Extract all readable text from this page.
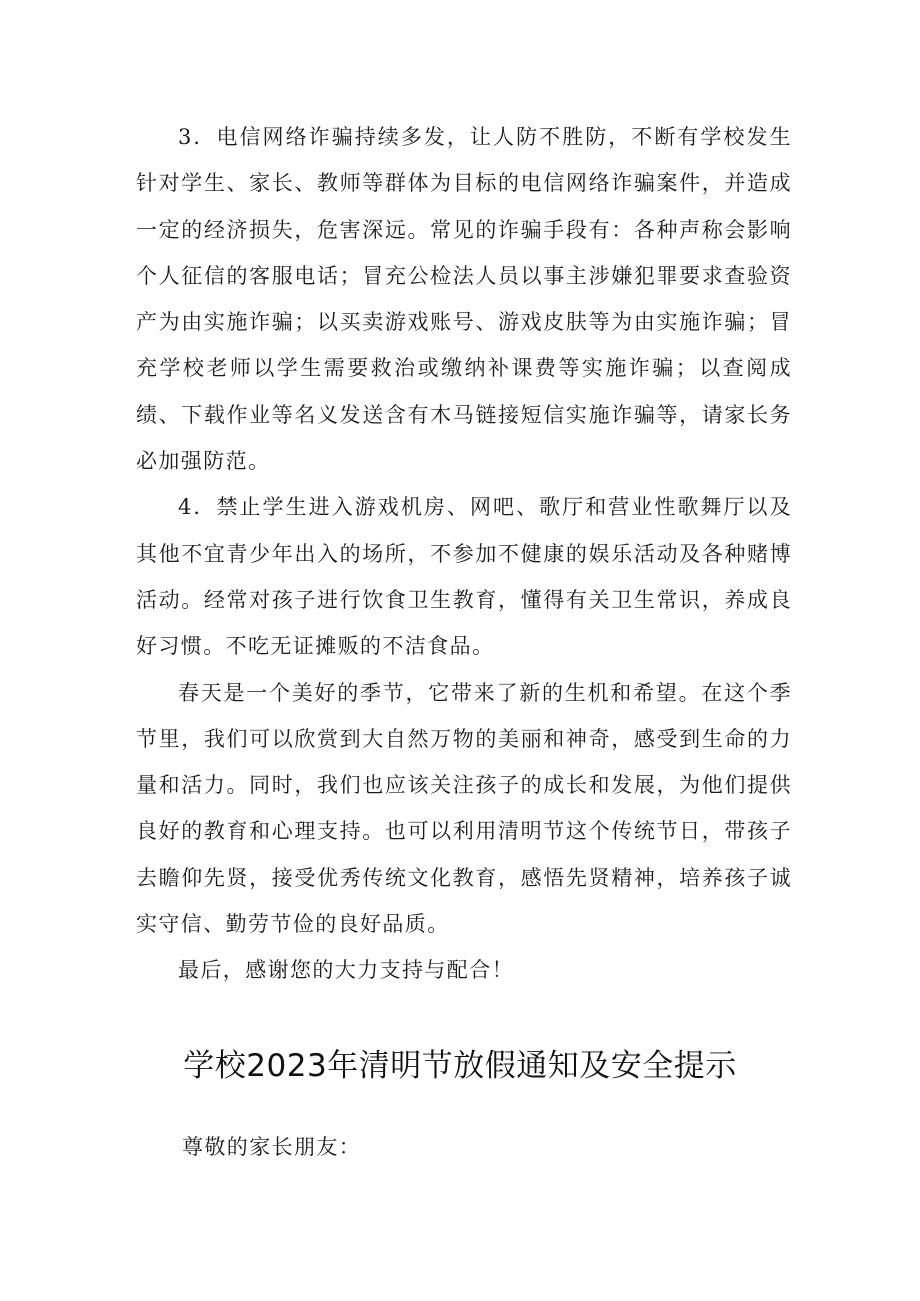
3．电信网络诈骗持续多发，让人防不胜防，不断有学校发生针对学生、家长、教师等群体为目标的电信网络诈骗案件，并造成一定的经济损失，危害深远。常见的诈骗手段有：各种声称会影响个人征信的客服电话；冒充公检法人员以事主涉嫌犯罪要求查验资产为由实施诈骗；以买卖游戏账号、游戏皮肤等为由实施诈骗；冒充学校老师以学生需要救治或缴纳补课费等实施诈骗；以查阅成绩、下载作业等名义发送含有木马链接短信实施诈骗等，请家长务必加强防范。

4．禁止学生进入游戏机房、网吧、歌厅和营业性歌舞厅以及其他不宜青少年出入的场所，不参加不健康的娱乐活动及各种赌博活动。经常对孩子进行饮食卫生教育，懂得有关卫生常识，养成良好习惯。不吃无证摊贩的不洁食品。

春天是一个美好的季节，它带来了新的生机和希望。在这个季节里，我们可以欣赏到大自然万物的美丽和神奇，感受到生命的力量和活力。同时，我们也应该关注孩子的成长和发展，为他们提供良好的教育和心理支持。也可以利用清明节这个传统节日，带孩子去瞻仰先贤，接受优秀传统文化教育，感悟先贤精神，培养孩子诚实守信、勤劳节俭的良好品质。

最后，感谢您的大力支持与配合！

学校2023年清明节放假通知及安全提示

尊敬的家长朋友：
